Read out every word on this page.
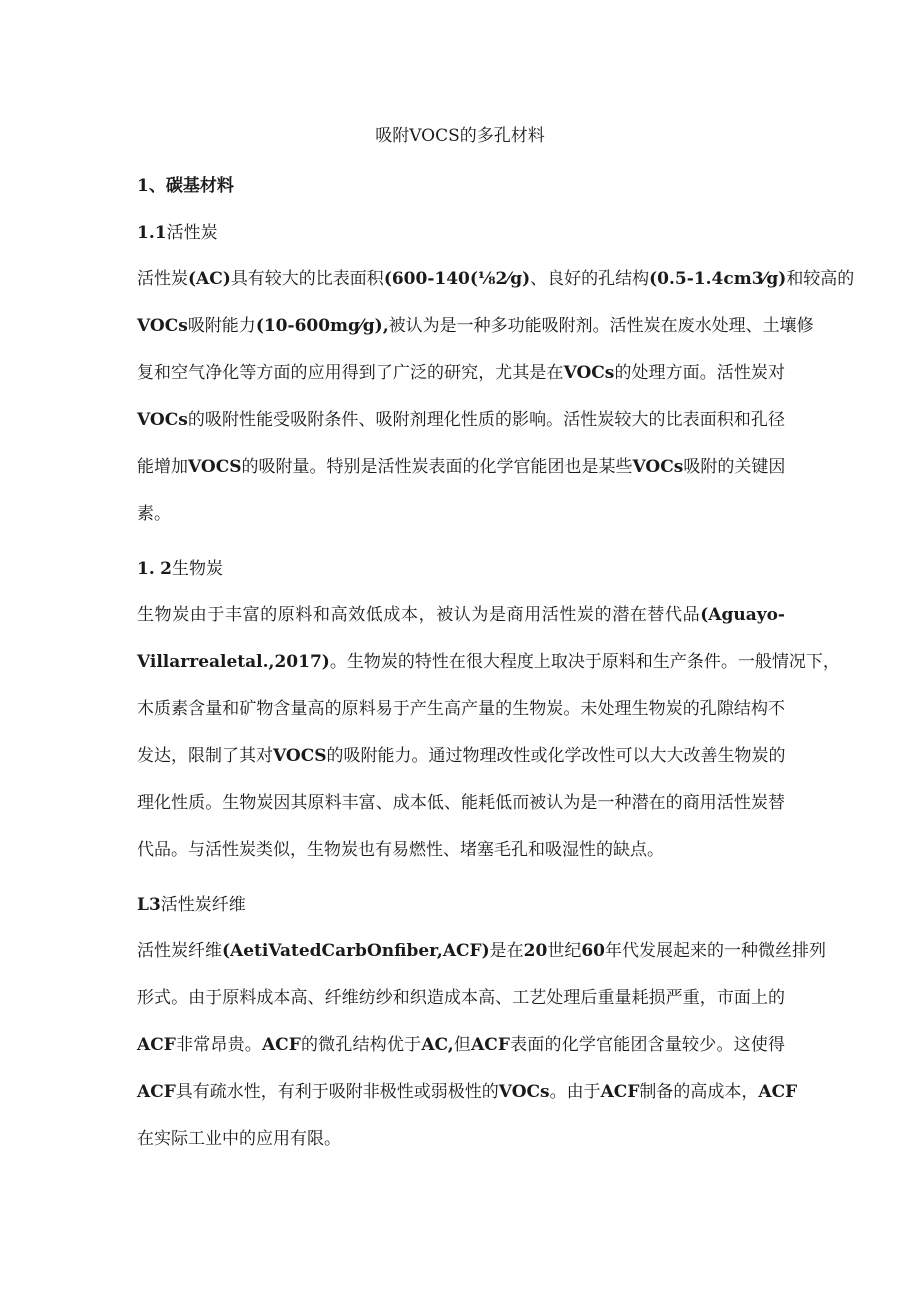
吸附VOCS的多孔材料
1、碳基材料
1.1活性炭
活性炭(AC)具有较大的比表面积(600-140(⅛2⁄g)、良好的孔结构(0.5-1.4cm3⁄g)和较高的
VOCs吸附能力(10-600mg⁄g),被认为是一种多功能吸附剂。活性炭在废水处理、土壤修
复和空气净化等方面的应用得到了广泛的研究，尤其是在VOCs的处理方面。活性炭对
VOCs的吸附性能受吸附条件、吸附剂理化性质的影响。活性炭较大的比表面积和孔径
能增加VOCS的吸附量。特别是活性炭表面的化学官能团也是某些VOCs吸附的关键因
素。
1. 2生物炭
生物炭由于丰富的原料和高效低成本，被认为是商用活性炭的潜在替代品(Aguayo-
Villarrealetal.,2017)。生物炭的特性在很大程度上取决于原料和生产条件。一般情况下，
木质素含量和矿物含量高的原料易于产生高产量的生物炭。未处理生物炭的孔隙结构不
发达，限制了其对VOCS的吸附能力。通过物理改性或化学改性可以大大改善生物炭的
理化性质。生物炭因其原料丰富、成本低、能耗低而被认为是一种潜在的商用活性炭替
代品。与活性炭类似，生物炭也有易燃性、堵塞毛孔和吸湿性的缺点。
L3活性炭纤维
活性炭纤维(AetiVatedCarbOnfiber,ACF)是在20世纪60年代发展起来的一种微丝排列
形式。由于原料成本高、纤维纺纱和织造成本高、工艺处理后重量耗损严重，市面上的
ACF非常昂贵。ACF的微孔结构优于AC,但ACF表面的化学官能团含量较少。这使得
ACF具有疏水性，有利于吸附非极性或弱极性的VOCs。由于ACF制备的高成本，ACF
在实际工业中的应用有限。
